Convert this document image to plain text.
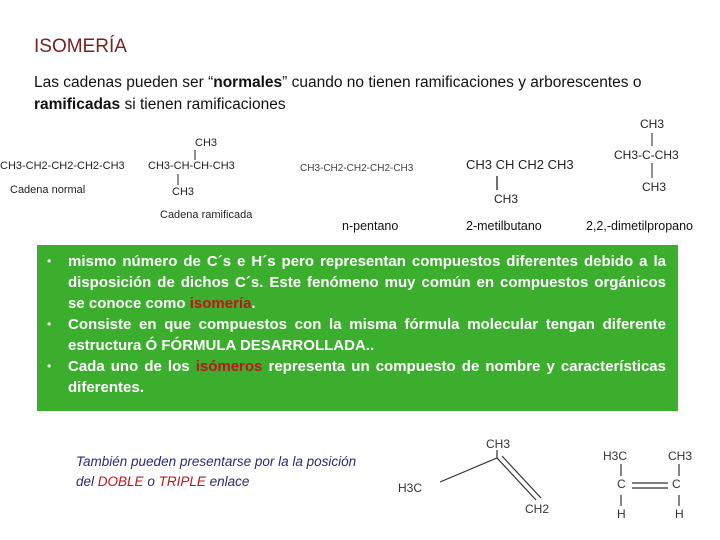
ISOMERÍA
Las cadenas pueden ser “normales” cuando no tienen ramificaciones y arborescentes o ramificadas si tienen ramificaciones
CH3-CH2-CH2-CH2-CH3
Cadena normal
CH3
CH3-CH-CH-CH3
CH3
Cadena ramificada
CH3-CH2-CH2-CH2-CH3
n-pentano
CH3 CH CH2 CH3
CH3
2-metilbutano
CH3
CH3-C-CH3
CH3
2,2,-dimetilpropano
• mismo número de C´s e H´s pero representan compuestos diferentes debido a la disposición de dichos C´s. Este fenómeno muy común en compuestos orgánicos se conoce como isomería.
• Consiste en que compuestos con la misma fórmula molecular tengan diferente estructura Ó FÓRMULA DESARROLLADA..
• Cada uno de los isómeros representa un compuesto de nombre y características diferentes.
También pueden presentarse por la la posición del DOBLE o TRIPLE enlace
CH3
H3C
CH2
H3C	CH3
C	C
H	H
